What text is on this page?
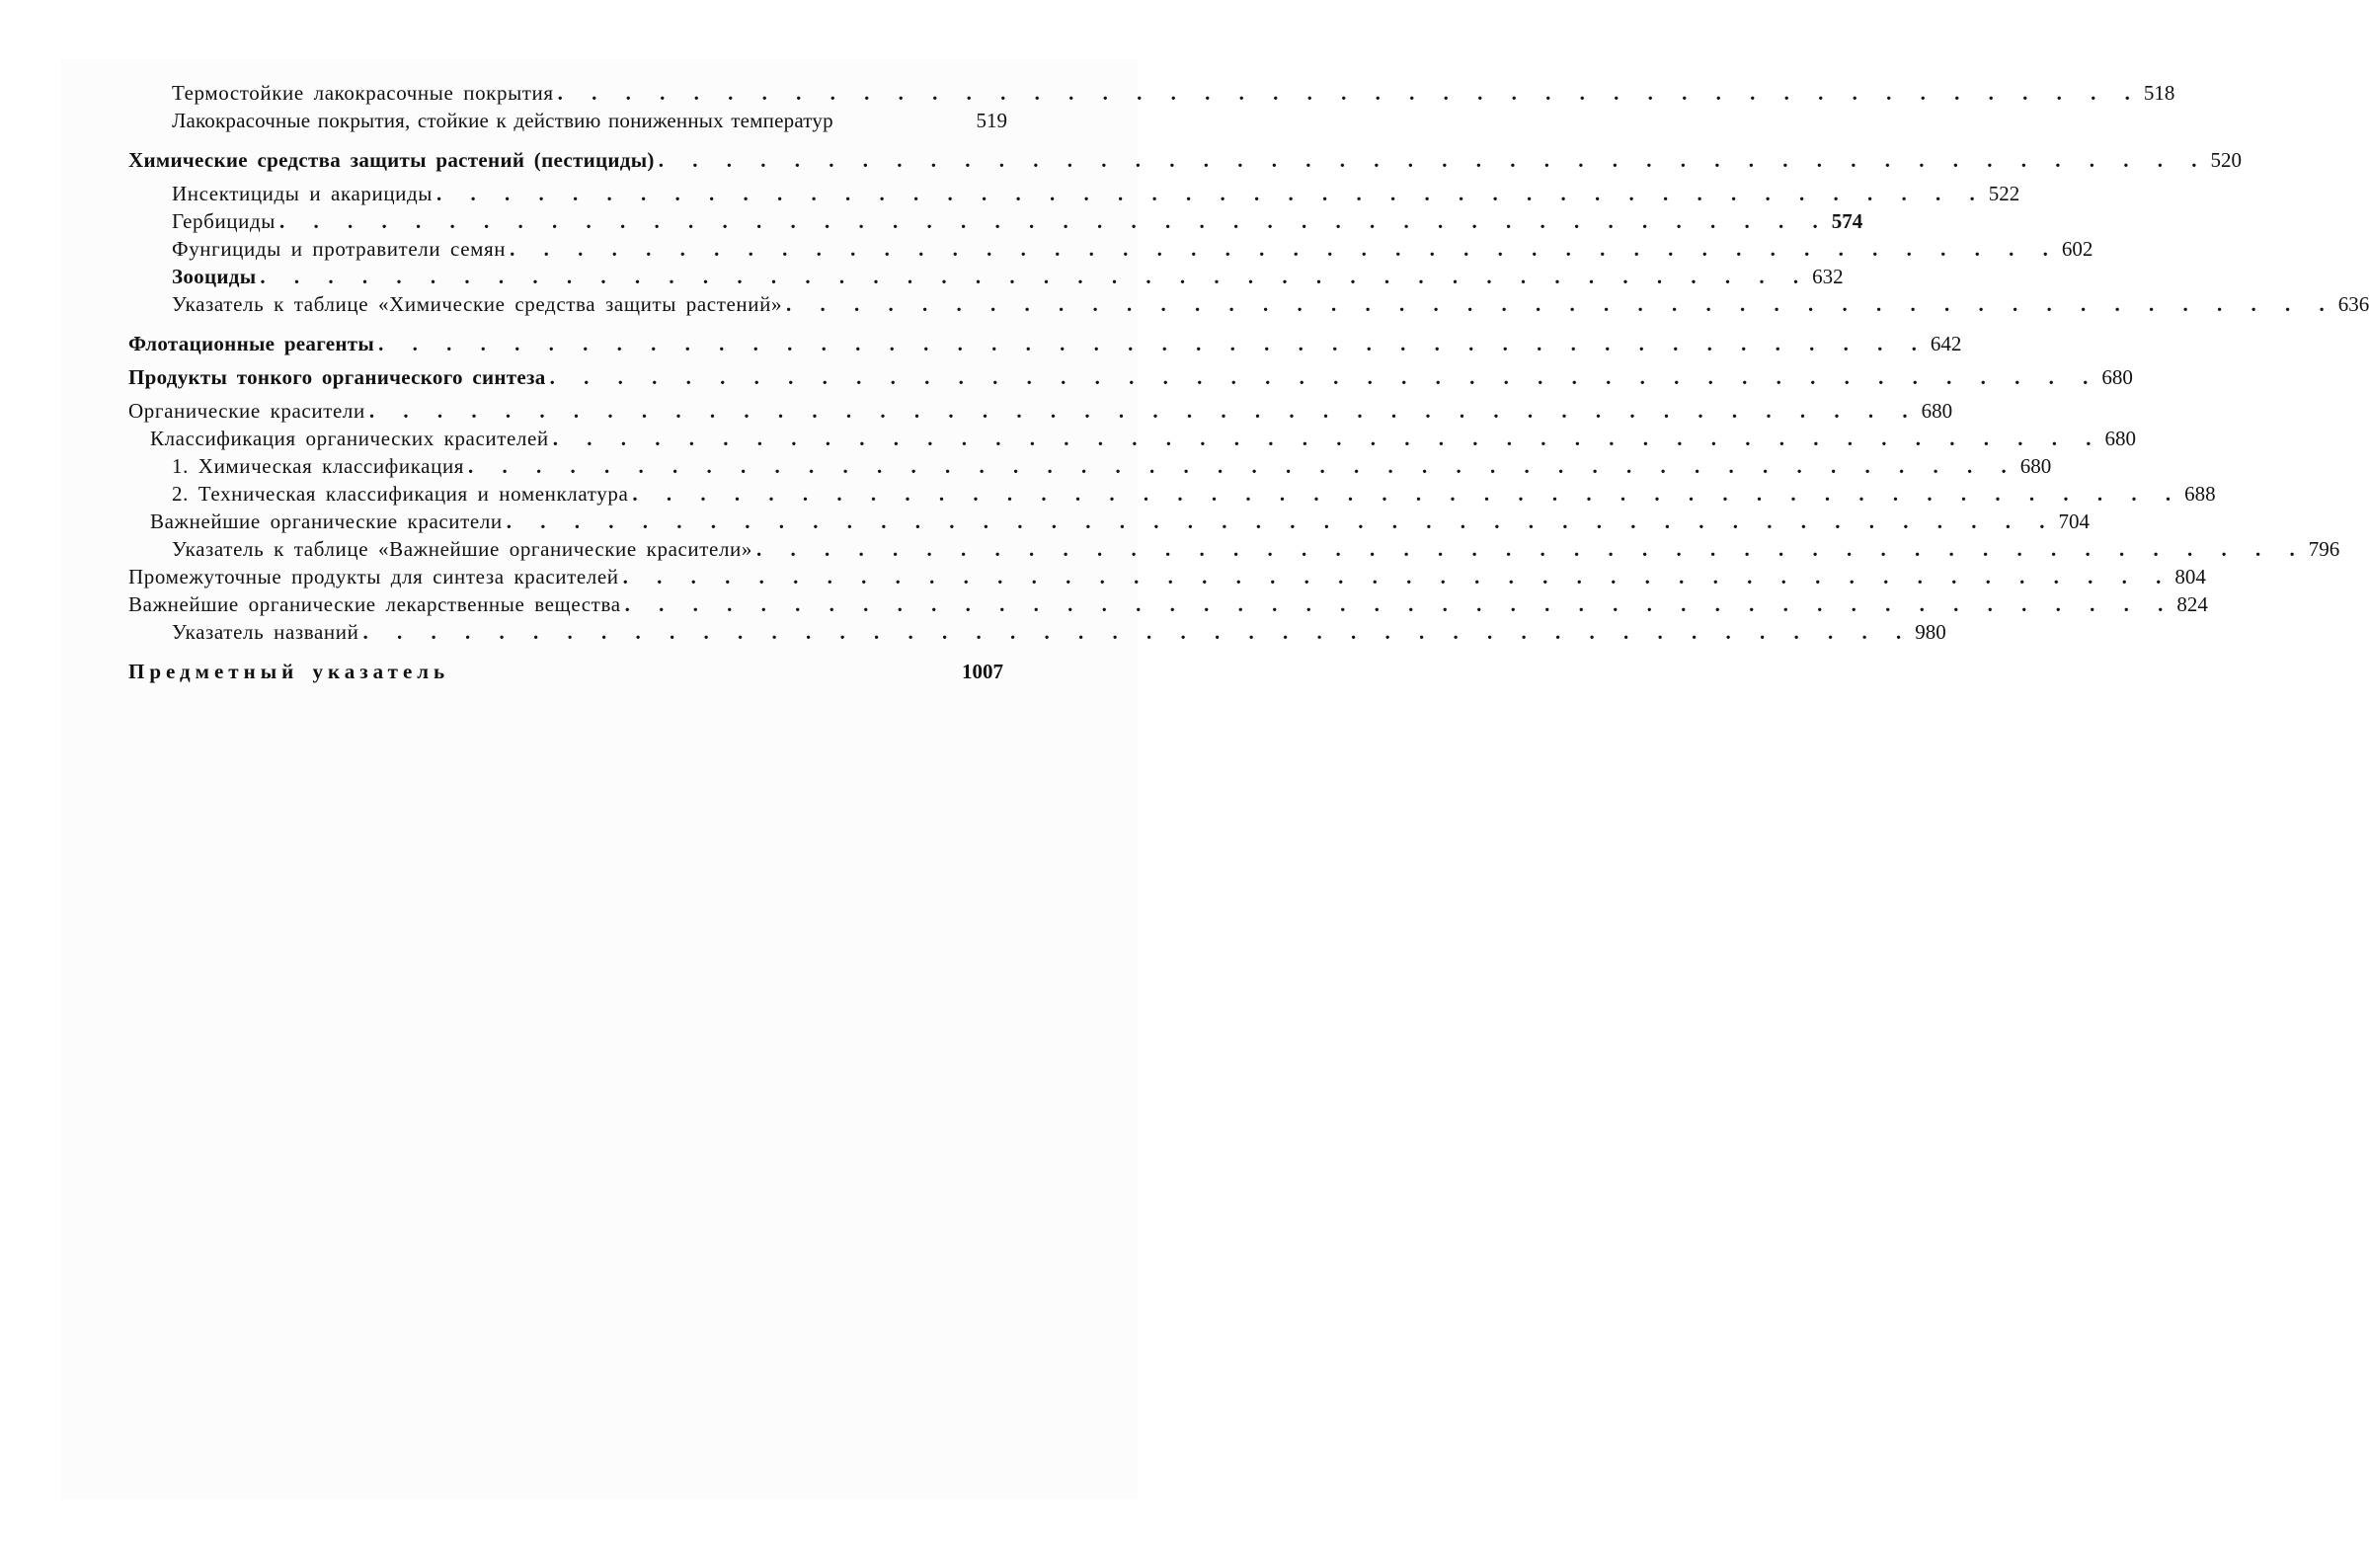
Термостойкие лакокрасочные покрытия . . . . . . . . . . . . . . . . . . . . . . . . . . . . . . . . . . . . . . . . . . . . . . . 518
Лакокрасочные покрытия, стойкие к действию пониженных температур	519
Химические средства защиты растений (пестициды) . . . . . . . . . . . . . . . . . . . . . . . . . . . . . . . . . . . . . . . . . . . . . . 520
Инсектициды и акарициды . . . . . . . . . . . . . . . . . . . . . . . . . . . . . . . . . . . . . . . . . . . . . . 522
Гербициды . . . . . . . . . . . . . . . . . . . . . . . . . . . . . . . . . . . . . . . . . . . . . . 574
Фунгициды и протравители семян . . . . . . . . . . . . . . . . . . . . . . . . . . . . . . . . . . . . . . . . . . . . . . 602
Зооциды . . . . . . . . . . . . . . . . . . . . . . . . . . . . . . . . . . . . . . . . . . . . . . 632
Указатель к таблице «Химические средства защиты растений» . . . . . . . . . . . . . . . . . . . . . . . . . . . . . . . . . . . . . . . . . . . . . . 636
Флотационные реагенты . . . . . . . . . . . . . . . . . . . . . . . . . . . . . . . . . . . . . . . . . . . . . . 642
Продукты тонкого органического синтеза . . . . . . . . . . . . . . . . . . . . . . . . . . . . . . . . . . . . . . . . . . . . . . 680
Органические красители . . . . . . . . . . . . . . . . . . . . . . . . . . . . . . . . . . . . . . . . . . . . . . 680
Классификация органических красителей . . . . . . . . . . . . . . . . . . . . . . . . . . . . . . . . . . . . . . . . . . . . . . 680
1. Химическая классификация . . . . . . . . . . . . . . . . . . . . . . . . . . . . . . . . . . . . . . . . . . . . . . 680
2. Техническая классификация и номенклатура . . . . . . . . . . . . . . . . . . . . . . . . . . . . . . . . . . . . . . . . . . . . . . 688
Важнейшие органические красители . . . . . . . . . . . . . . . . . . . . . . . . . . . . . . . . . . . . . . . . . . . . . . 704
Указатель к таблице «Важнейшие органические красители» . . . . . . . . . . . . . . . . . . . . . . . . . . . . . . . . . . . . . . . . . . . . . . 796
Промежуточные продукты для синтеза красителей . . . . . . . . . . . . . . . . . . . . . . . . . . . . . . . . . . . . . . . . . . . . . . 804
Важнейшие органические лекарственные вещества . . . . . . . . . . . . . . . . . . . . . . . . . . . . . . . . . . . . . . . . . . . . . . 824
Указатель названий . . . . . . . . . . . . . . . . . . . . . . . . . . . . . . . . . . . . . . . . . . . . . . 980
Предметный указатель	1007
